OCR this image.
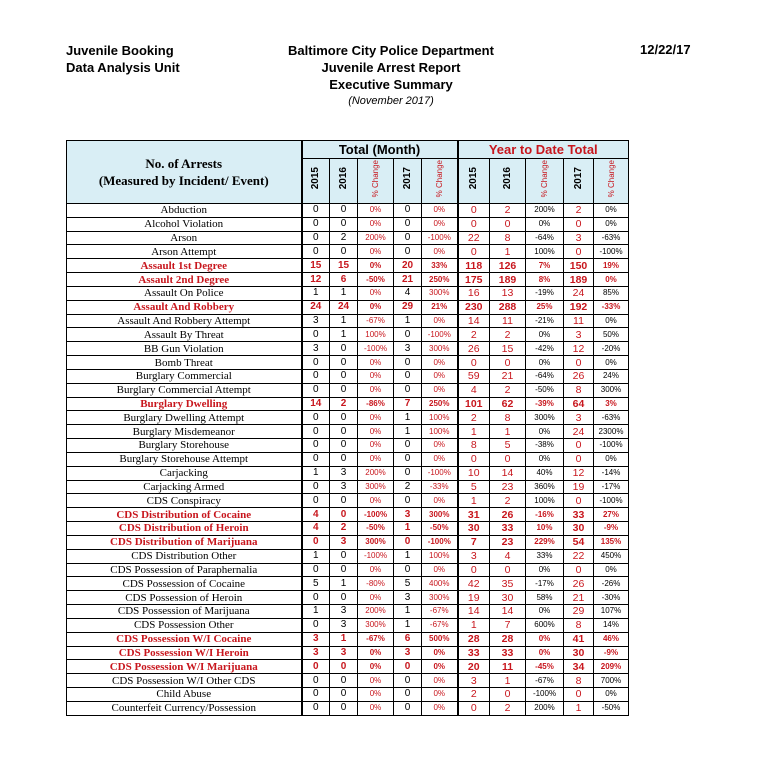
Juvenile Booking
Data Analysis Unit
Baltimore City Police Department
Juvenile Arrest Report
Executive Summary
(November 2017)
12/22/17
No. of Arrests
(Measured by Incident/ Event)	Total (Month)					Year to Date Total				
	2015	2016	% Change	2017	% Change	2015	2016	% Change	2017	% Change
Abduction	0	0	0%	0	0%	0	2	200%	2	0%
Alcohol Violation	0	0	0%	0	0%	0	0	0%	0	0%
Arson	0	2	200%	0	-100%	22	8	-64%	3	-63%
Arson Attempt	0	0	0%	0	0%	0	1	100%	0	-100%
Assault 1st Degree	15	15	0%	20	33%	118	126	7%	150	19%
Assault 2nd Degree	12	6	-50%	21	250%	175	189	8%	189	0%
Assault On Police	1	1	0%	4	300%	16	13	-19%	24	85%
Assault And Robbery	24	24	0%	29	21%	230	288	25%	192	-33%
Assault And Robbery Attempt	3	1	-67%	1	0%	14	11	-21%	11	0%
Assault By Threat	0	1	100%	0	-100%	2	2	0%	3	50%
BB Gun Violation	3	0	-100%	3	300%	26	15	-42%	12	-20%
Bomb Threat	0	0	0%	0	0%	0	0	0%	0	0%
Burglary Commercial	0	0	0%	0	0%	59	21	-64%	26	24%
Burglary Commercial Attempt	0	0	0%	0	0%	4	2	-50%	8	300%
Burglary Dwelling	14	2	-86%	7	250%	101	62	-39%	64	3%
Burglary Dwelling Attempt	0	0	0%	1	100%	2	8	300%	3	-63%
Burglary Misdemeanor	0	0	0%	1	100%	1	1	0%	24	2300%
Burglary Storehouse	0	0	0%	0	0%	8	5	-38%	0	-100%
Burglary Storehouse Attempt	0	0	0%	0	0%	0	0	0%	0	0%
Carjacking	1	3	200%	0	-100%	10	14	40%	12	-14%
Carjacking Armed	0	3	300%	2	-33%	5	23	360%	19	-17%
CDS Conspiracy	0	0	0%	0	0%	1	2	100%	0	-100%
CDS Distribution of Cocaine	4	0	-100%	3	300%	31	26	-16%	33	27%
CDS Distribution of Heroin	4	2	-50%	1	-50%	30	33	10%	30	-9%
CDS Distribution of Marijuana	0	3	300%	0	-100%	7	23	229%	54	135%
CDS Distribution Other	1	0	-100%	1	100%	3	4	33%	22	450%
CDS Possession of Paraphernalia	0	0	0%	0	0%	0	0	0%	0	0%
CDS Possession of Cocaine	5	1	-80%	5	400%	42	35	-17%	26	-26%
CDS Possession of Heroin	0	0	0%	3	300%	19	30	58%	21	-30%
CDS Possession of Marijuana	1	3	200%	1	-67%	14	14	0%	29	107%
CDS Possession Other	0	3	300%	1	-67%	1	7	600%	8	14%
CDS Possession W/I Cocaine	3	1	-67%	6	500%	28	28	0%	41	46%
CDS Possession W/I Heroin	3	3	0%	3	0%	33	33	0%	30	-9%
CDS Possession W/I Marijuana	0	0	0%	0	0%	20	11	-45%	34	209%
CDS Possession W/I Other CDS	0	0	0%	0	0%	3	1	-67%	8	700%
Child Abuse	0	0	0%	0	0%	2	0	-100%	0	0%
Counterfeit Currency/Possession	0	0	0%	0	0%	0	2	200%	1	-50%
